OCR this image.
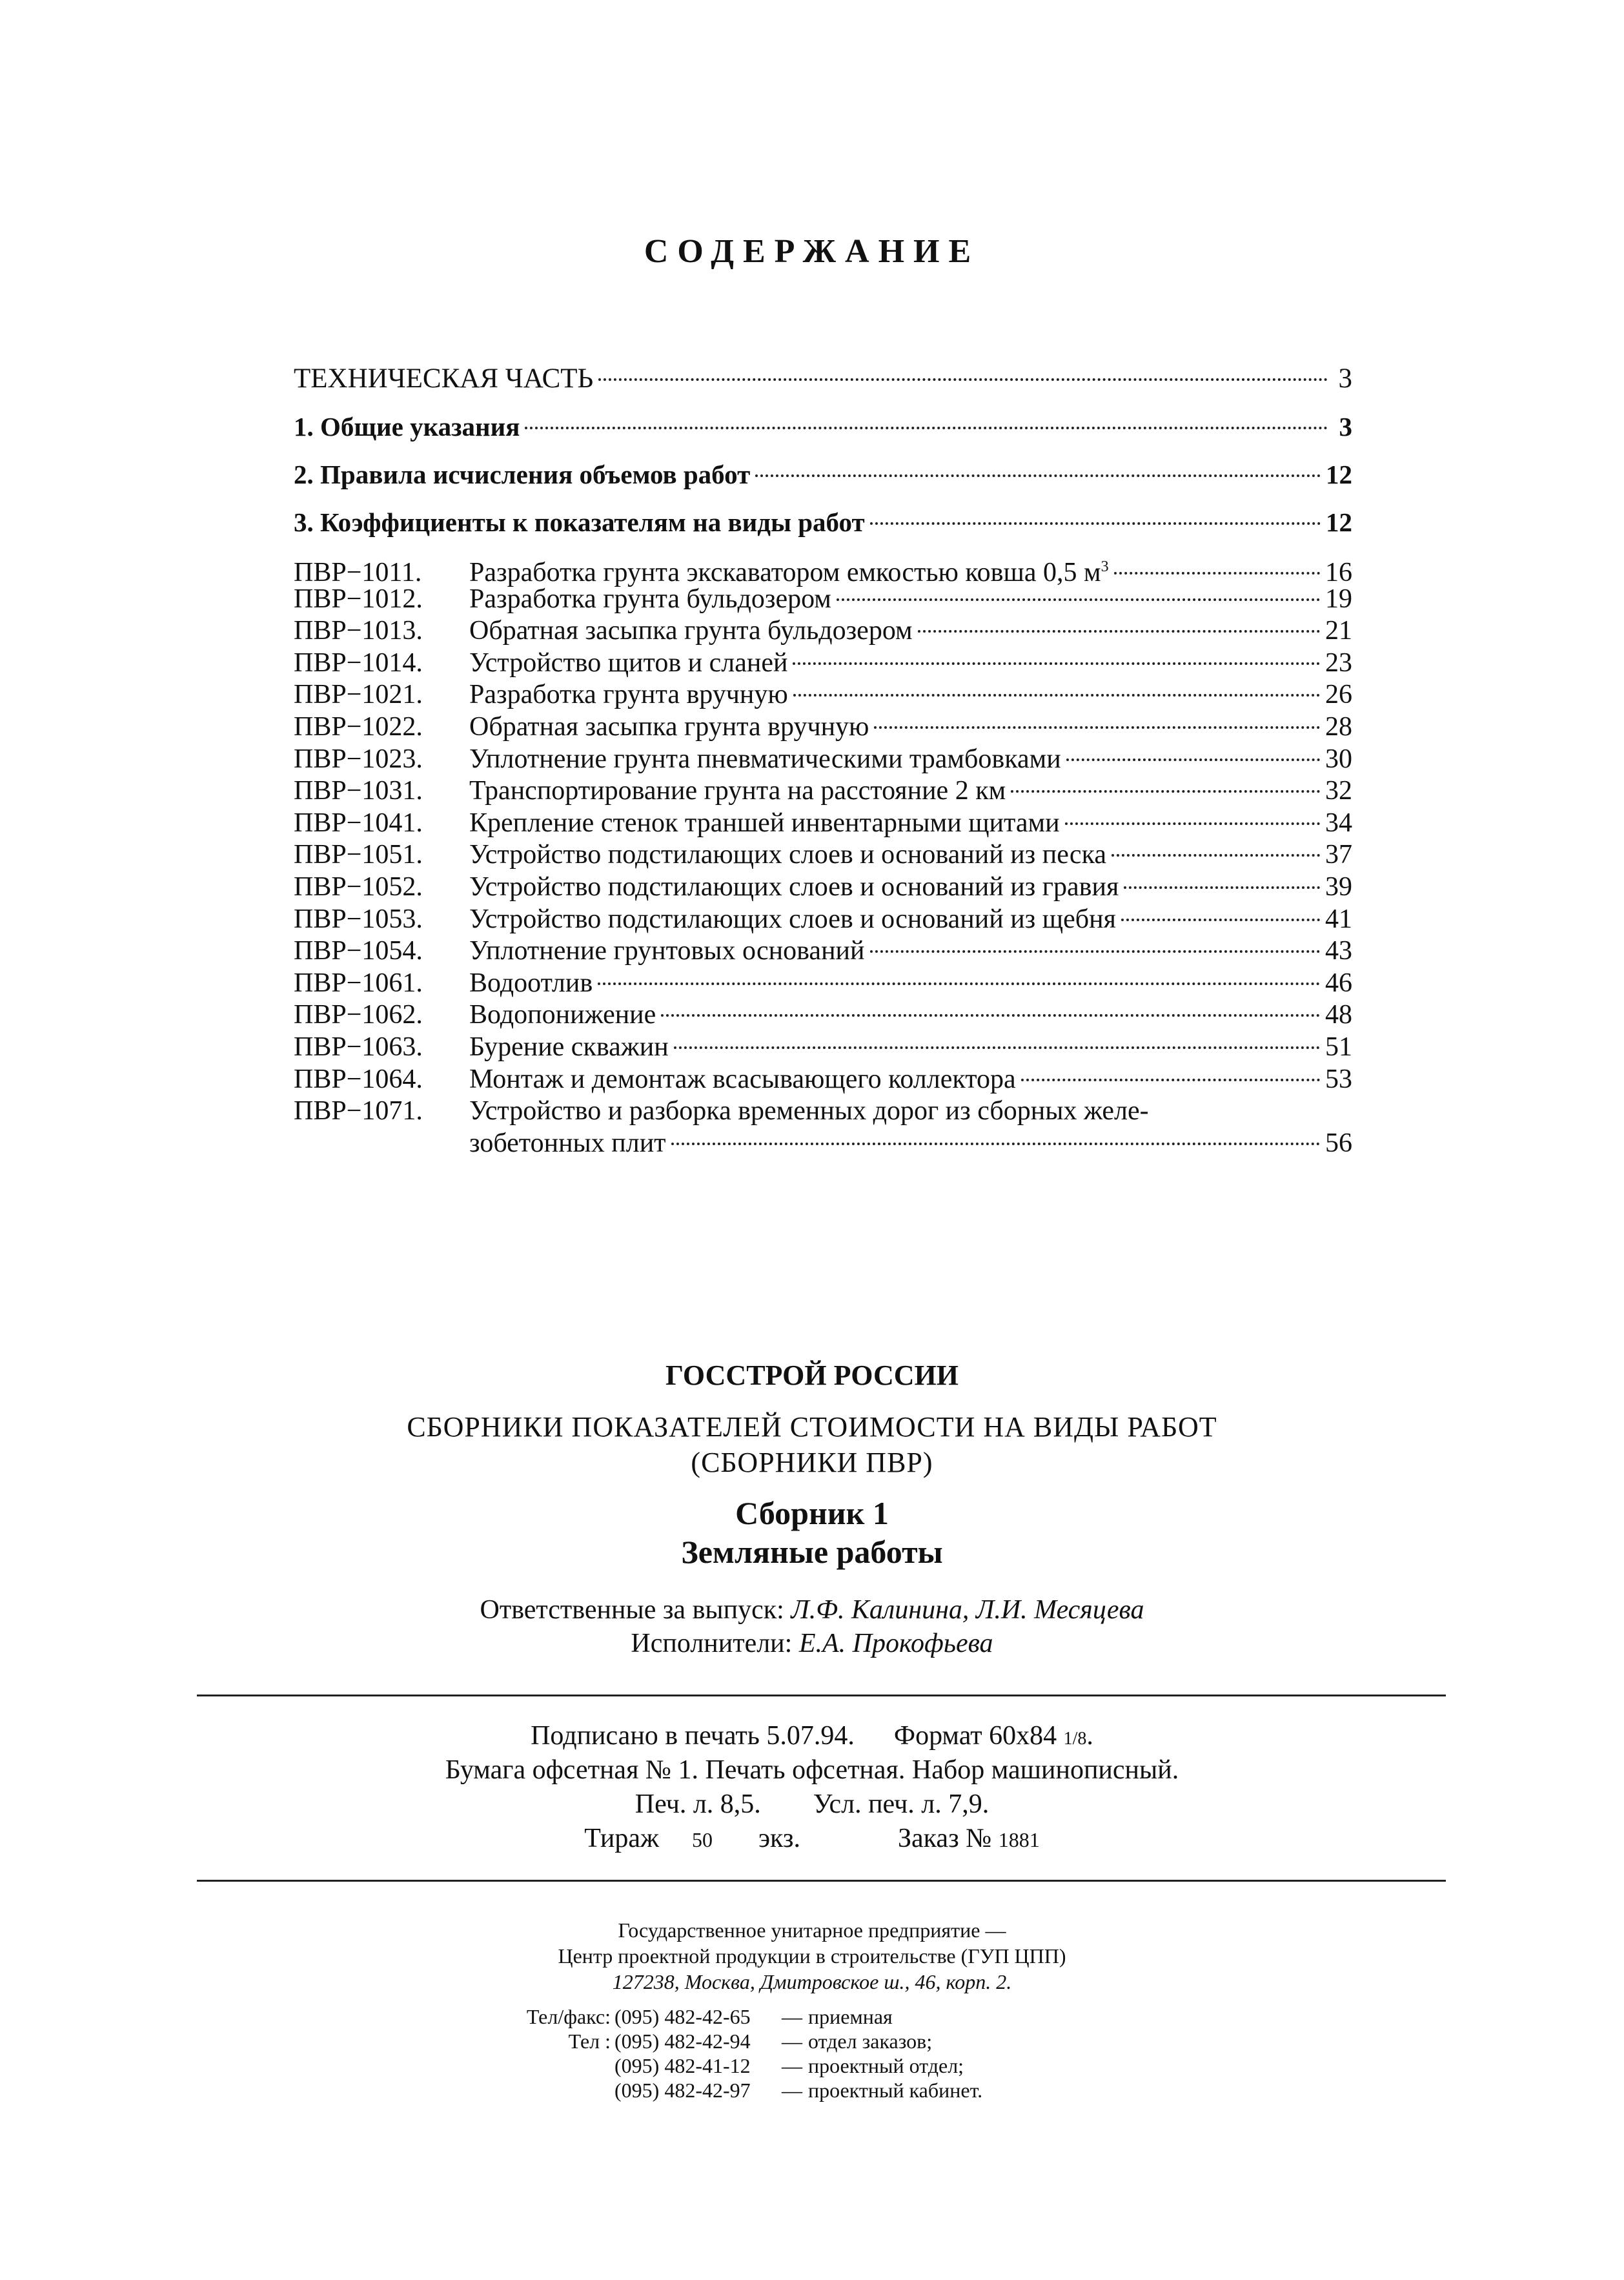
СОДЕРЖАНИЕ
ТЕХНИЧЕСКАЯ ЧАСТЬ	3
1. Общие указания	3
2. Правила исчисления объемов работ	12
3. Коэффициенты к показателям на виды работ	12
ПВР−1011.	Разработка грунта экскаватором емкостью ковша 0,5 $м^3$	16
ПВР−1012.	Разработка грунта бульдозером	19
ПВР−1013.	Обратная засыпка грунта бульдозером	21
ПВР−1014.	Устройство щитов и сланей	23
ПВР−1021.	Разработка грунта вручную	26
ПВР−1022.	Обратная засыпка грунта вручную	28
ПВР−1023.	Уплотнение грунта пневматическими трамбовками	30
ПВР−1031.	Транспортирование грунта на расстояние 2 км	32
ПВР−1041.	Крепление стенок траншей инвентарными щитами	34
ПВР−1051.	Устройство подстилающих слоев и оснований из песка	37
ПВР−1052.	Устройство подстилающих слоев и оснований из гравия	39
ПВР−1053.	Устройство подстилающих слоев и оснований из щебня	41
ПВР−1054.	Уплотнение грунтовых оснований	43
ПВР−1061.	Водоотлив	46
ПВР−1062.	Водопонижение	48
ПВР−1063.	Бурение скважин	51
ПВР−1064.	Монтаж и демонтаж всасывающего коллектора	53
ПВР−1071.	Устройство и разборка временных дорог из сборных желе-
зобетонных плит	56
ГОССТРОЙ РОССИИ
СБОРНИКИ ПОКАЗАТЕЛЕЙ СТОИМОСТИ НА ВИДЫ РАБОТ
(СБОРНИКИ ПВР)
Сборник 1
Земляные работы
Ответственные за выпуск: Л.Ф. Калинина, Л.И. Месяцева
Исполнители: Е.А. Прокофьева
Подписано в печать 5.07.94. Формат 60x84 1/8.
Бумага офсетная № 1. Печать офсетная. Набор машинописный.
Печ. л. 8,5. Усл. печ. л. 7,9.
Тираж 50 экз.	Заказ № 1881
Государственное унитарное предприятие —
Центр проектной продукции в строительстве (ГУП ЦПП)
127238, Москва, Дмитровское ш., 46, корп. 2.
Тел/факс: (095) 482-42-65	— приемная
Тел : (095) 482-42-94	— отдел заказов;
(095) 482-41-12	— проектный отдел;
(095) 482-42-97	— проектный кабинет.
